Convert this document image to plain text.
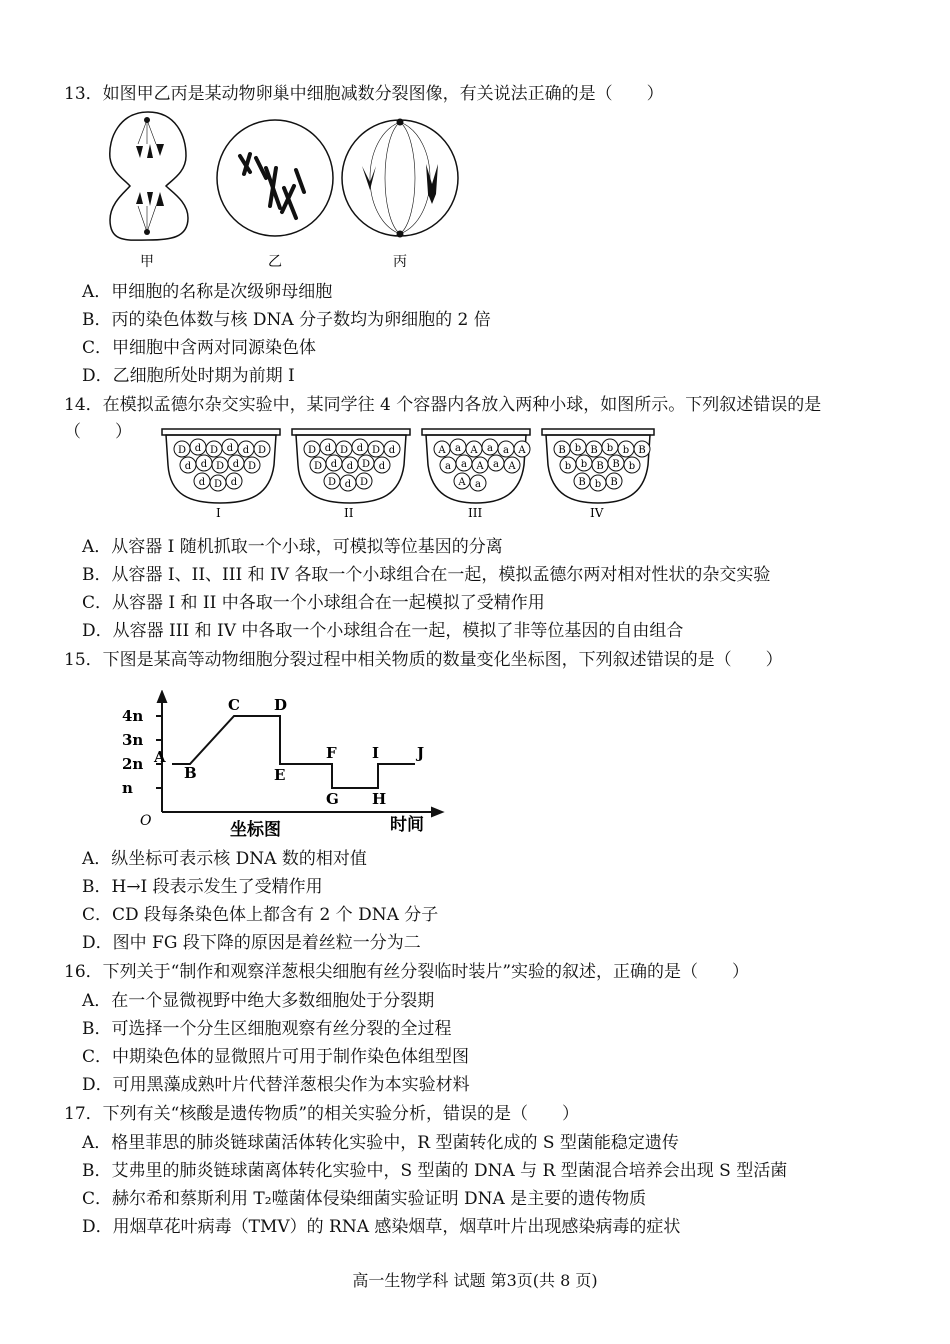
13．如图甲乙丙是某动物卵巢中细胞减数分裂图像，有关说法正确的是（　　）
甲	乙	丙
A．甲细胞的名称是次级卵母细胞
B．丙的染色体数与核 DNA 分子数均为卵细胞的 2 倍
C．甲细胞中含两对同源染色体
D．乙细胞所处时期为前期 I
14．在模拟孟德尔杂交实验中，某同学往 4 个容器内各放入两种小球，如图所示。下列叙述错误的是
（　　）
D d D d d D
d d D d D
d D d
I
D d D d D d
D d d D d
D d D
II
A a A a a A
a a A a A
A a
III
B b B b b B
b b B B b
B b B
IV
A．从容器 I 随机抓取一个小球，可模拟等位基因的分离
B．从容器 I、II、III 和 IV 各取一个小球组合在一起，模拟孟德尔两对相对性状的杂交实验
C．从容器 I 和 II 中各取一个小球组合在一起模拟了受精作用
D．从容器 III 和 IV 中各取一个小球组合在一起，模拟了非等位基因的自由组合
15．下图是某高等动物细胞分裂过程中相关物质的数量变化坐标图，下列叙述错误的是（　　）
4n
3n
2n
n
A
B
C D
E
F
G H
I	J
O	坐标图	时间
A．纵坐标可表示核 DNA 数的相对值
B．H→I 段表示发生了受精作用
C．CD 段每条染色体上都含有 2 个 DNA 分子
D．图中 FG 段下降的原因是着丝粒一分为二
16．下列关于“制作和观察洋葱根尖细胞有丝分裂临时装片”实验的叙述，正确的是（　　）
A．在一个显微视野中绝大多数细胞处于分裂期
B．可选择一个分生区细胞观察有丝分裂的全过程
C．中期染色体的显微照片可用于制作染色体组型图
D．可用黑藻成熟叶片代替洋葱根尖作为本实验材料
17．下列有关“核酸是遗传物质”的相关实验分析，错误的是（　　）
A．格里菲思的肺炎链球菌活体转化实验中，R 型菌转化成的 S 型菌能稳定遗传
B．艾弗里的肺炎链球菌离体转化实验中，S 型菌的 DNA 与 R 型菌混合培养会出现 S 型活菌
C．赫尔希和蔡斯利用 T₂噬菌体侵染细菌实验证明 DNA 是主要的遗传物质
D．用烟草花叶病毒（TMV）的 RNA 感染烟草，烟草叶片出现感染病毒的症状
高一生物学科 试题 第3页(共 8 页)
